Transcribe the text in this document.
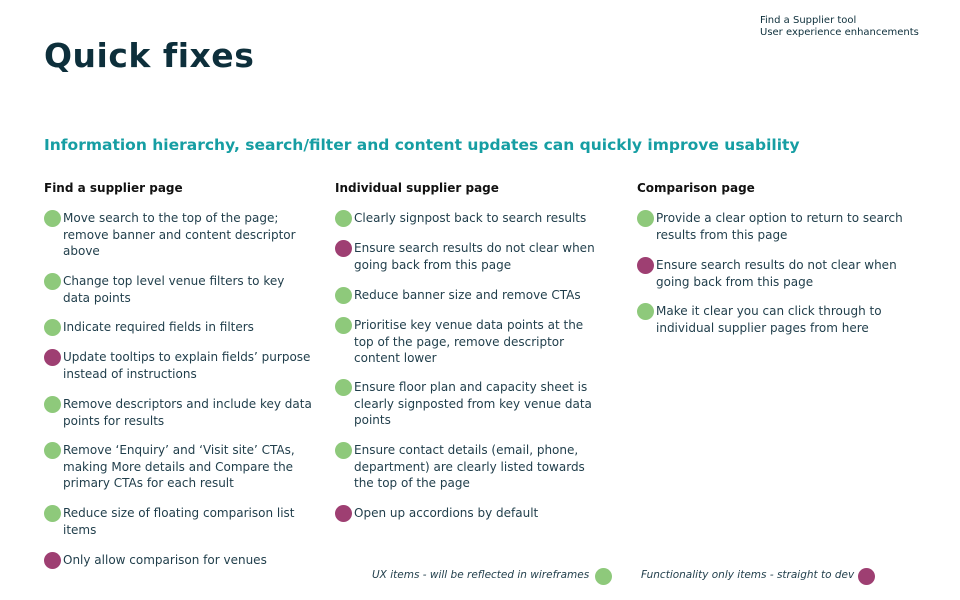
Find a Supplier tool
User experience enhancements
Quick fixes
Information hierarchy, search/filter and content updates can quickly improve usability
Find a supplier page
Move search to the top of the page; remove banner and content descriptor above
Change top level venue filters to key data points
Indicate required fields in filters
Update tooltips to explain fields’ purpose instead of instructions
Remove descriptors and include key data points for results
Remove ‘Enquiry’ and ‘Visit site’ CTAs, making More details and Compare the primary CTAs for each result
Reduce size of floating comparison list items
Only allow comparison for venues
Individual supplier page
Clearly signpost back to search results
Ensure search results do not clear when going back from this page
Reduce banner size and remove CTAs
Prioritise key venue data points at the top of the page, remove descriptor content lower
Ensure floor plan and capacity sheet is clearly signposted from key venue data points
Ensure contact details (email, phone, department) are clearly listed towards the top of the page
Open up accordions by default
Comparison page
Provide a clear option to return to search results from this page
Ensure search results do not clear when going back from this page
Make it clear you can click through to individual supplier pages from here
UX items - will be reflected in wireframes	Functionality only items - straight to dev
